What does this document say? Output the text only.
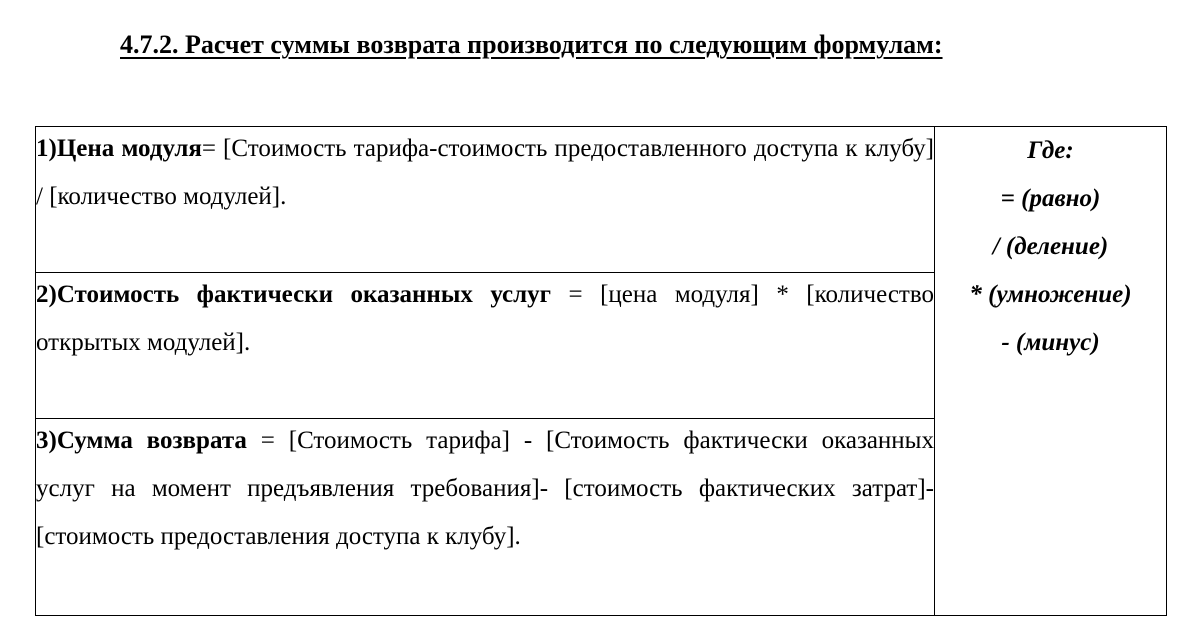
4.7.2. Расчет суммы возврата производится по следующим формулам:

1)Цена модуля= [Стоимость тарифа-стоимость предоставленного доступа к клубу] / [количество модулей].

Где:
= (равно)
/ (деление)
* (умножение)
- (минус)

2)Стоимость фактически оказанных услуг = [цена модуля] * [количество открытых модулей].

3)Сумма возврата = [Стоимость тарифа] - [Стоимость фактически оказанных услуг на момент предъявления требования]- [стоимость фактических затрат]- [стоимость предоставления доступа к клубу].
